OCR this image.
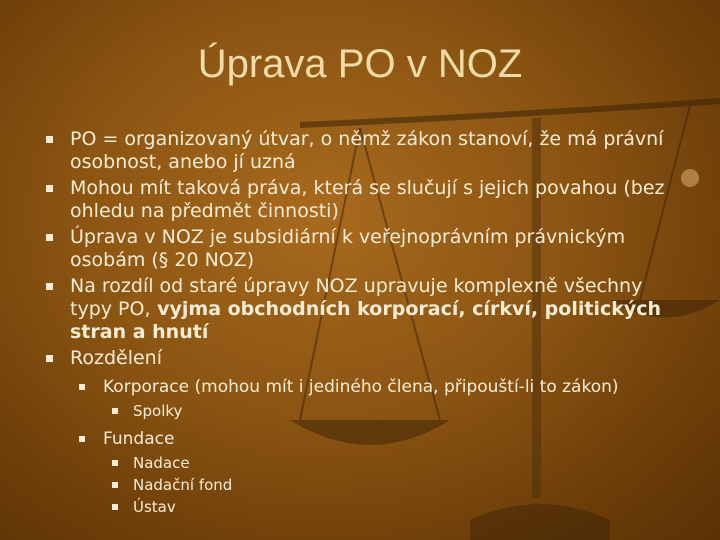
Úprava PO v NOZ
PO = organizovaný útvar, o němž zákon stanoví, že má právní osobnost, anebo jí uzná
Mohou mít taková práva, která se slučují s jejich povahou (bez ohledu na předmět činnosti)
Úprava v NOZ je subsidiární k veřejnoprávním právnickým osobám (§ 20 NOZ)
Na rozdíl od staré úpravy NOZ upravuje komplexně všechny typy PO, vyjma obchodních korporací, církví, politických stran a hnutí
Rozdělení
Korporace (mohou mít i jediného člena, připouští-li to zákon)
Spolky
Fundace
Nadace
Nadační fond
Ústav
